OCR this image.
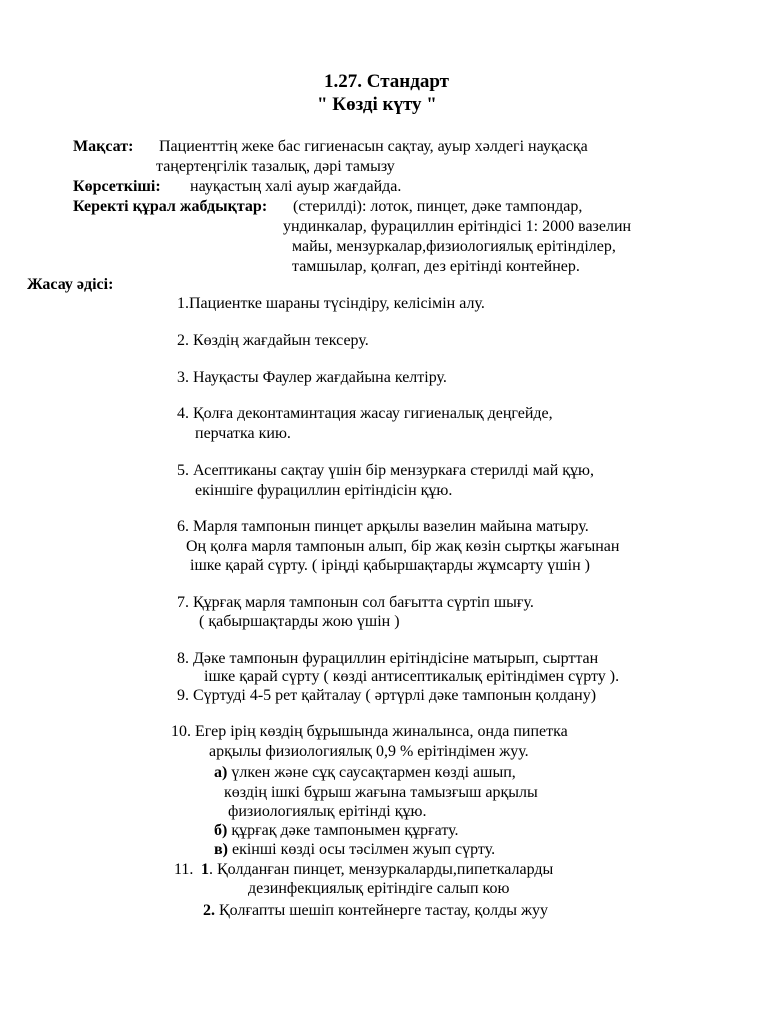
1.27. Стандарт
" Көзді күту "
Мақсат: Пациенттің жеке бас гигиенасын сақтау, ауыр хәлдегі науқасқа
таңертеңгілік тазалық, дәрі тамызу
Көрсеткіші: науқастың халі ауыр жағдайда.
Керекті құрал жабдықтар: (стерилді): лоток, пинцет, дәке тампондар,
ундинкалар, фурациллин ерітіндісі 1: 2000 вазелин
майы, мензуркалар,физиологиялық ерітінділер,
тамшылар, қолғап, дез ерітінді контейнер.
Жасау әдісі:
1.Пациентке шараны түсіндіру, келісімін алу.
2. Көздің жағдайын тексеру.
3. Науқасты Фаулер жағдайына келтіру.
4. Қолға деконтаминтация жасау гигиеналық деңгейде,
перчатка кию.
5. Асептиканы сақтау үшін бір мензуркаға стерилді май құю,
екіншіге фурациллин ерітіндісін құю.
6. Марля тампонын пинцет арқылы вазелин майына матыру.
Оң қолға марля тампонын алып, бір жақ көзін сыртқы жағынан
ішке қарай сүрту. ( іріңді қабыршақтарды жұмсарту үшін )
7. Құрғақ марля тампонын сол бағытта сүртіп шығу.
( қабыршақтарды жою үшін )
8. Дәке тампонын фурациллин ерітіндісіне матырып, сырттан
ішке қарай сүрту ( көзді антисептикалық ерітіндімен сүрту ).
9. Сүртуді 4-5 рет қайталау ( әртүрлі дәке тампонын қолдану)
10. Егер ірің көздің бұрышында жиналынса, онда пипетка
арқылы физиологиялық 0,9 % ерітіндімен жуу.
а) үлкен және сұқ саусақтармен көзді ашып,
көздің ішкі бұрыш жағына тамызғыш арқылы
физиологиялық ерітінді құю.
б) құрғақ дәке тампонымен құрғату.
в) екінші көзді осы тәсілмен жуып сүрту.
11. 1. Қолданған пинцет, мензуркаларды,пипеткаларды
дезинфекциялық ерітіндіге салып кою
2. Қолғапты шешіп контейнерге тастау, қолды жуу
